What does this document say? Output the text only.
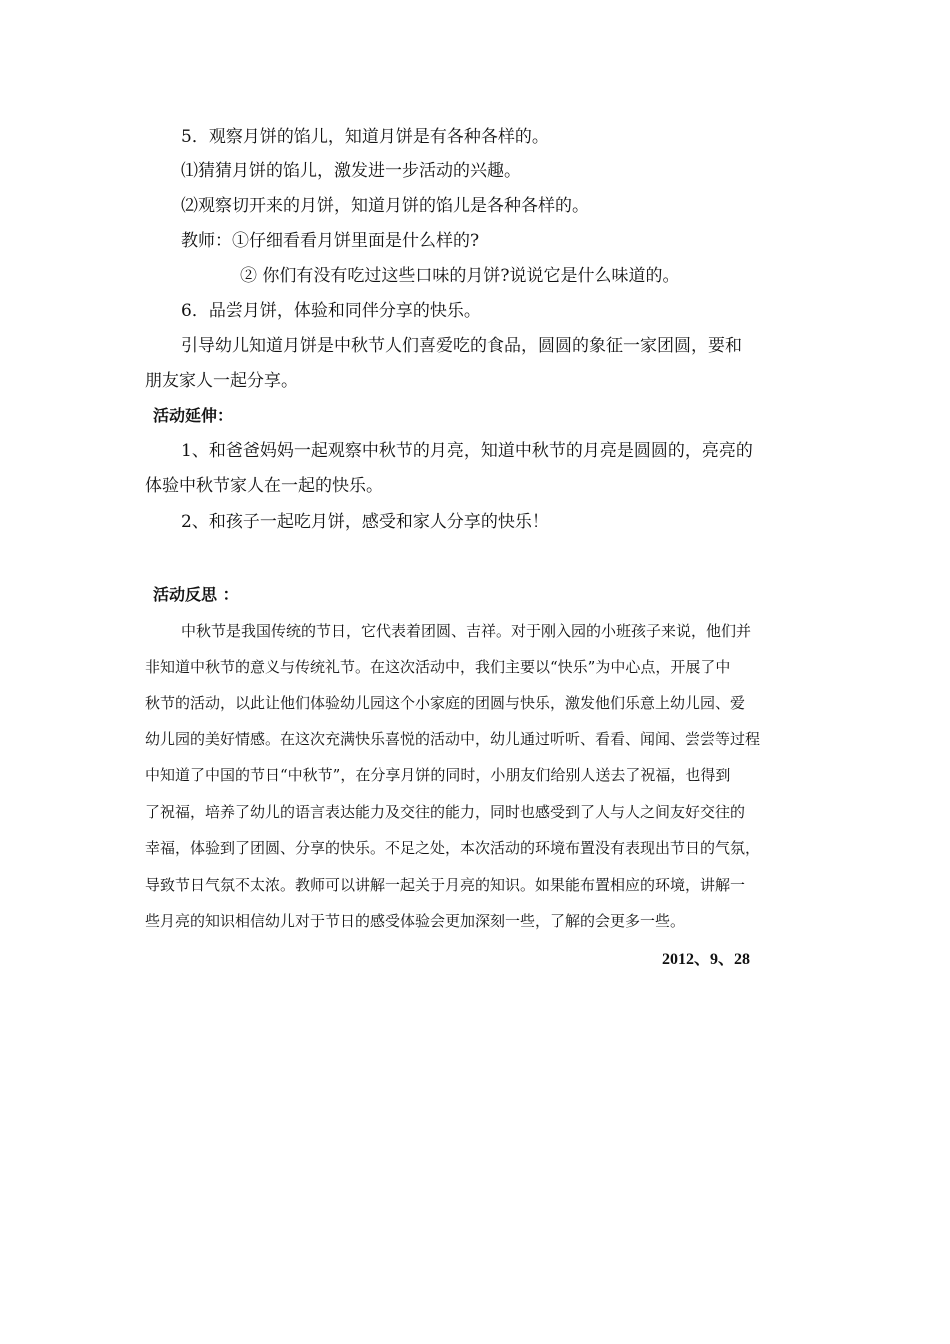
5．观察月饼的馅儿，知道月饼是有各种各样的。
⑴猜猜月饼的馅儿，激发进一步活动的兴趣。
⑵观察切开来的月饼，知道月饼的馅儿是各种各样的。
教师：①仔细看看月饼里面是什么样的?
② 你们有没有吃过这些口味的月饼?说说它是什么味道的。
6．品尝月饼，体验和同伴分享的快乐。
引导幼儿知道月饼是中秋节人们喜爱吃的食品，圆圆的象征一家团圆，要和
朋友家人一起分享。
活动延伸：
1、和爸爸妈妈一起观察中秋节的月亮，知道中秋节的月亮是圆圆的，亮亮的
体验中秋节家人在一起的快乐。
2、和孩子一起吃月饼，感受和家人分享的快乐！
活动反思 ：
中秋节是我国传统的节日，它代表着团圆、吉祥。对于刚入园的小班孩子来说，他们并
非知道中秋节的意义与传统礼节。在这次活动中，我们主要以“快乐”为中心点，开展了中
秋节的活动，以此让他们体验幼儿园这个小家庭的团圆与快乐，激发他们乐意上幼儿园、爱
幼儿园的美好情感。在这次充满快乐喜悦的活动中，幼儿通过听听、看看、闻闻、尝尝等过程
中知道了中国的节日“中秋节”，在分享月饼的同时，小朋友们给别人送去了祝福，也得到
了祝福，培养了幼儿的语言表达能力及交往的能力，同时也感受到了人与人之间友好交往的
幸福，体验到了团圆、分享的快乐。不足之处，本次活动的环境布置没有表现出节日的气氛，
导致节日气氛不太浓。教师可以讲解一起关于月亮的知识。如果能布置相应的环境，讲解一
些月亮的知识相信幼儿对于节日的感受体验会更加深刻一些，了解的会更多一些。
2012、9、28
